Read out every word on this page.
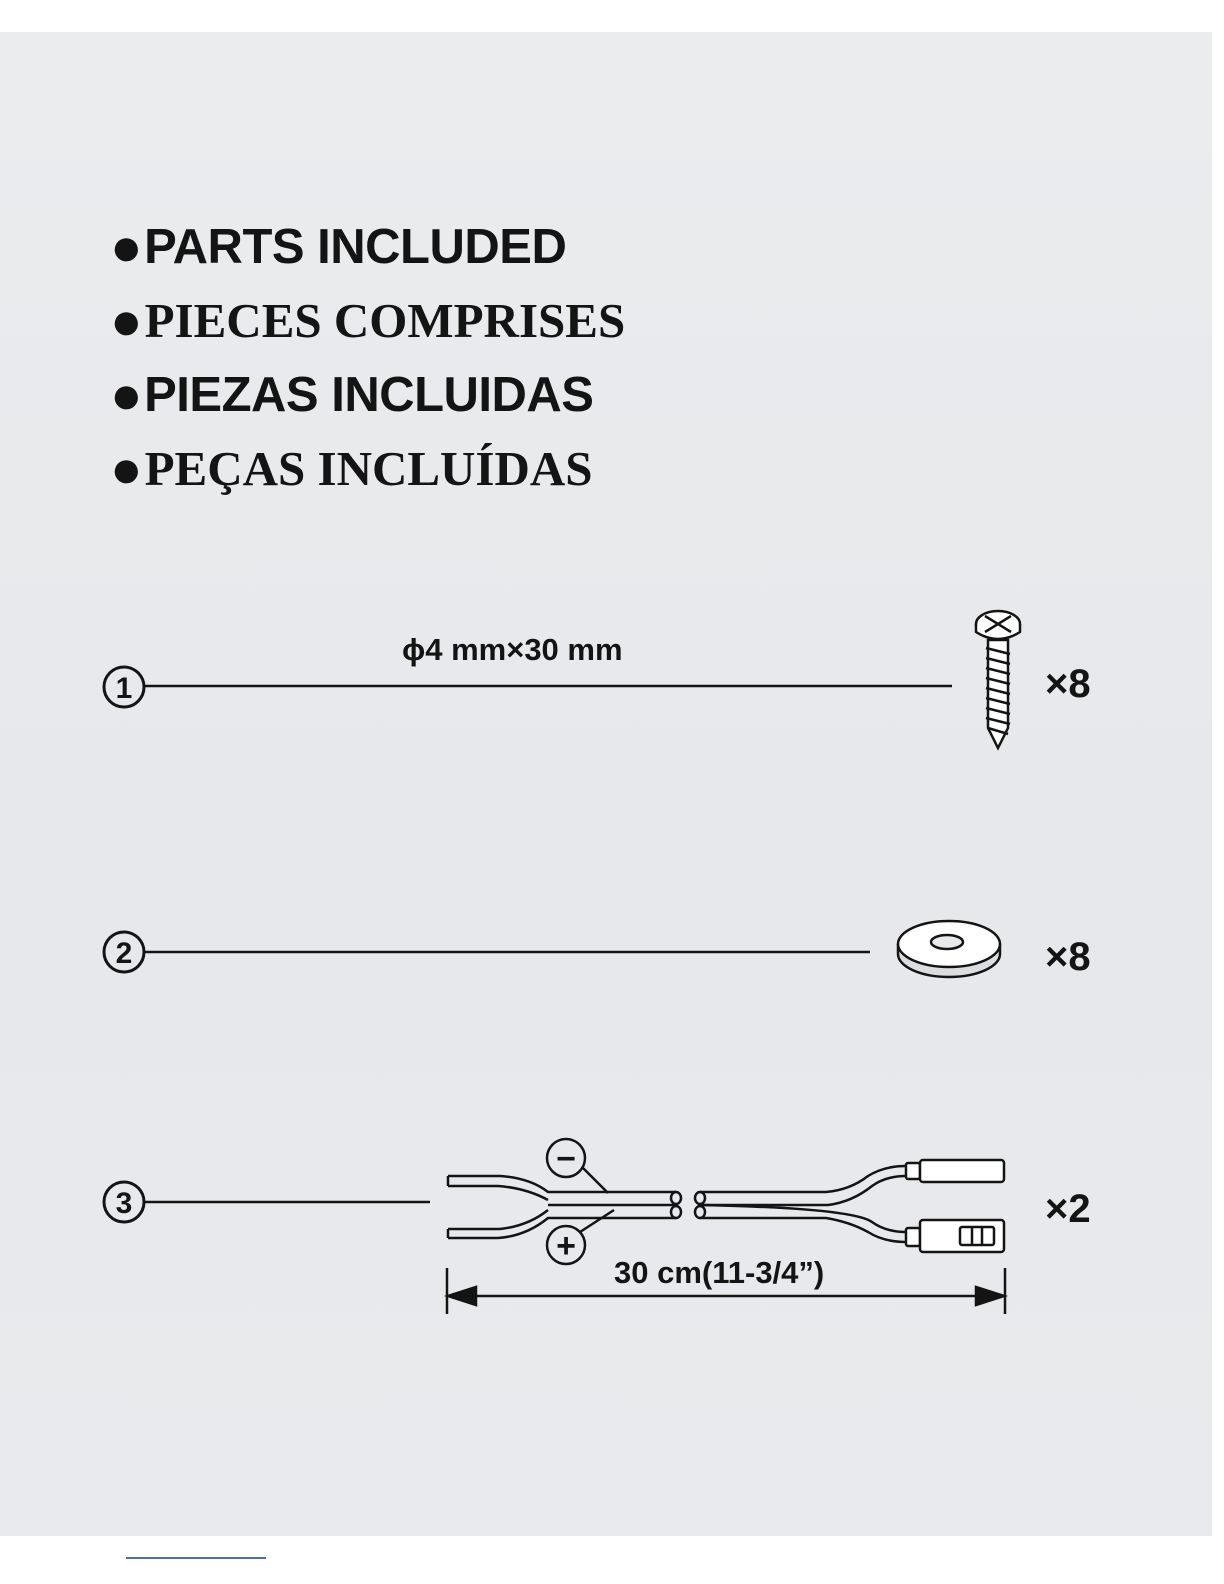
●PARTS INCLUDED
●PIECES COMPRISES
●PIEZAS INCLUIDAS
●PEÇAS INCLUÍDAS
1
ϕ4 mm×30 mm
×8
2	×8
3
−
+
30 cm(11-3/4”)
×2
